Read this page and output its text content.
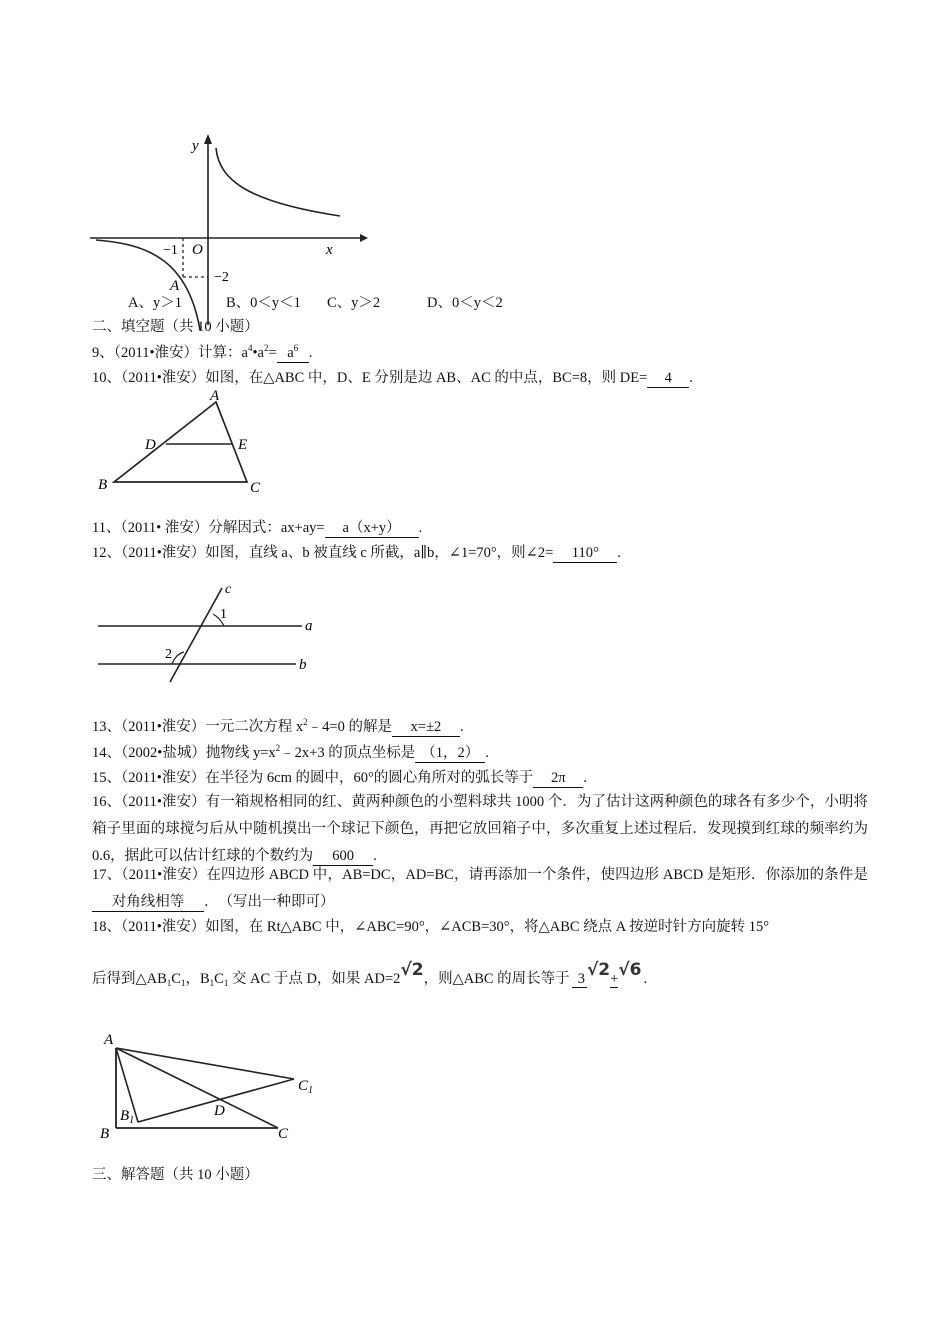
y
x
O
−1
−2
A
A、y＞1	B、0＜y＜1 C、y＞2	D、0＜y＜2
二、填空题（共 10 小题）
9、（2011•淮安）计算：$a^4•a^2= a^6$ .
10、（2011•淮安）如图，在△ABC 中，D、E 分别是边 AB、AC 的中点，BC=8，则 DE= 4 .
A
B	C
D	E
11、（2011• 淮安）分解因式：ax+ay= a（x+y） .
12、（2011•淮安）如图，直线 a、b 被直线 c 所截，a∥b，∠1=70°，则∠2= 110° .
c
1
a
2
b
13、（2011•淮安）一元二次方程 $x^2﹣4=0$ 的解是 x=±2 .
14、（2002•盐城）抛物线 $y=x^2﹣2x+3$ 的顶点坐标是 （1，2） .
15、（2011•淮安）在半径为 6cm 的圆中，60°的圆心角所对的弧长等于 2π .
16、（2011•淮安）有一箱规格相同的红、黄两种颜色的小塑料球共 1000 个．为了估计这两种颜色的球各有多少个，小明将箱子里面的球搅匀后从中随机摸出一个球记下颜色，再把它放回箱子中，多次重复上述过程后．发现摸到红球的频率约为 0.6，据此可以估计红球的个数约为 600 .
17、（2011•淮安）在四边形 ABCD 中，AB=DC，AD=BC，请再添加一个条件，使四边形 ABCD 是矩形．你添加的条件是对角线相等 ．　（写出一种即可）
18、（2011•淮安）如图，在 Rt△ABC 中，∠ABC=90°，∠ACB=30°，将△ABC 绕点 A 按逆时针方向旋转 15°
后得到$\triangle AB_1C_1$，$B_1C_1$ 交 AC 于点 D，如果 AD=2√2，则△ABC 的周长等于 3 √2+√6 .
A
B
$B_1$
C
$C_1$
D
三、解答题（共 10 小题）
